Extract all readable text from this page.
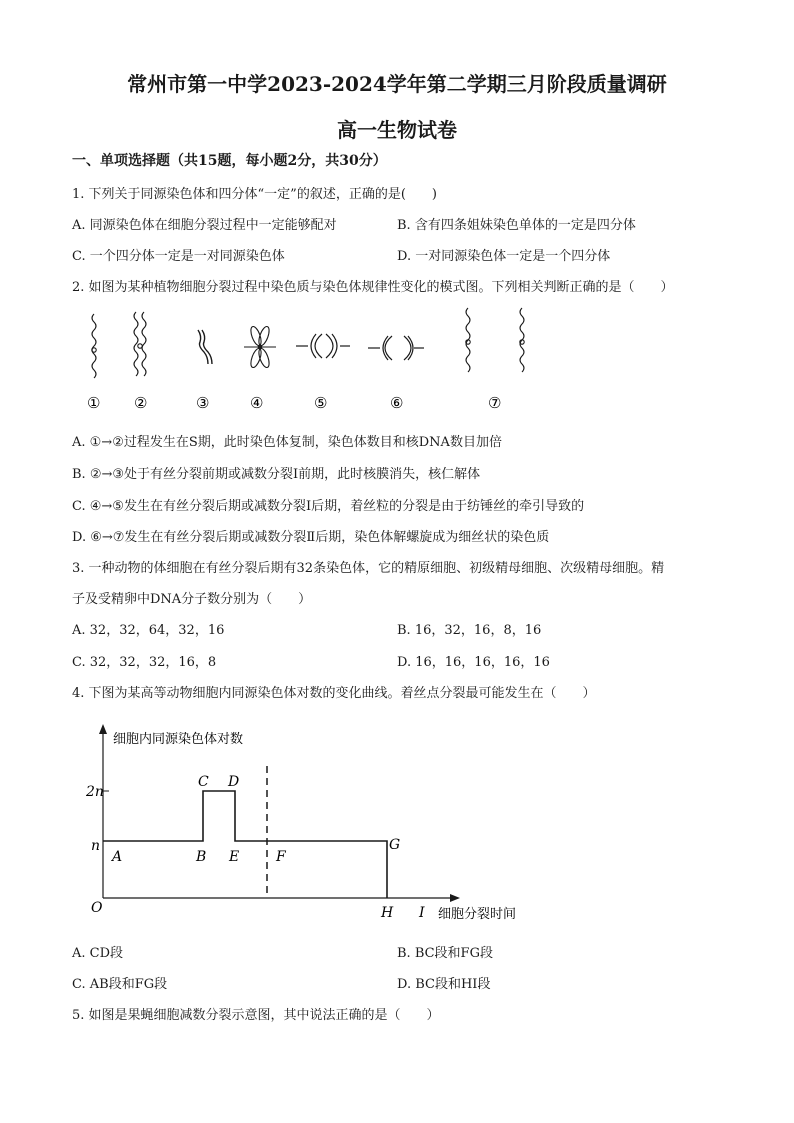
常州市第一中学2023-2024学年第二学期三月阶段质量调研
高一生物试卷
一、单项选择题（共15题，每小题2分，共30分）
1. 下列关于同源染色体和四分体“一定”的叙述，正确的是(　　)
A. 同源染色体在细胞分裂过程中一定能够配对	B. 含有四条姐妹染色单体的一定是四分体
C. 一个四分体一定是一对同源染色体	D. 一对同源染色体一定是一个四分体
2. 如图为某种植物细胞分裂过程中染色质与染色体规律性变化的模式图。下列相关判断正确的是（　　）
① ②	③	④	⑤	⑥	⑦
A. ①→②过程发生在S期，此时染色体复制，染色体数目和核DNA数目加倍
B. ②→③处于有丝分裂前期或减数分裂Ⅰ前期，此时核膜消失，核仁解体
C. ④→⑤发生在有丝分裂后期或减数分裂Ⅰ后期，着丝粒的分裂是由于纺锤丝的牵引导致的
D. ⑥→⑦发生在有丝分裂后期或减数分裂Ⅱ后期，染色体解螺旋成为细丝状的染色质
3. 一种动物的体细胞在有丝分裂后期有32条染色体，它的精原细胞、初级精母细胞、次级精母细胞。精
子及受精卵中DNA分子数分别为（　　）
A. 32，32，64，32，16	B. 16，32，16，8，16
C. 32，32，32，16，8	D. 16，16，16，16，16
4. 下图为某高等动物细胞内同源染色体对数的变化曲线。着丝点分裂最可能发生在（　　）
细胞内同源染色体对数
2n
n
O
A	B
C D
E	F
G
H I 细胞分裂时间
A. CD段	B. BC段和FG段
C. AB段和FG段	D. BC段和HI段
5. 如图是果蝇细胞减数分裂示意图，其中说法正确的是（　　）
